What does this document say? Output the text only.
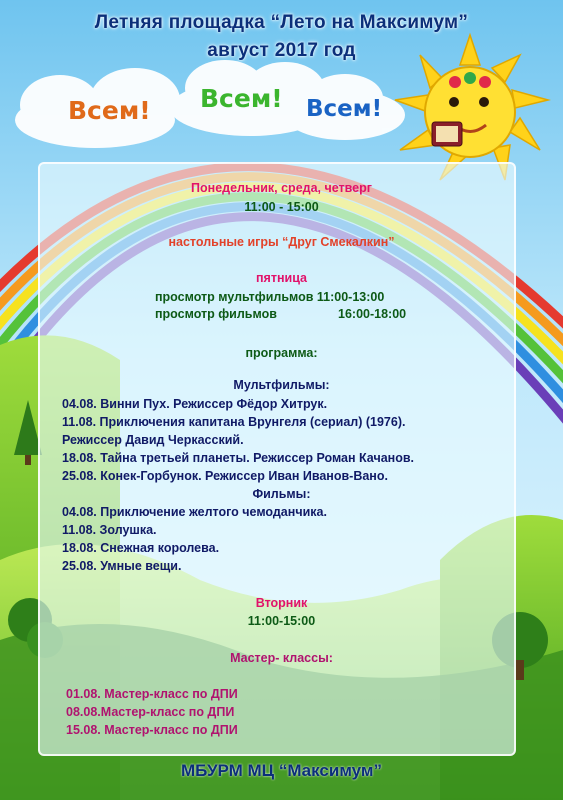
Летняя площадка “Лето на Максимум”
август 2017 год
Всем! Всем! Всем!
Понедельник, среда, четверг
11:00 - 15:00
настольные игры “Друг Смекалкин”
пятница
просмотр мультфильмов 11:00-13:00
просмотр фильмов	16:00-18:00
программа:
Мультфильмы:
04.08. Винни Пух. Режиссер Фёдор Хитрук.
11.08. Приключения капитана Врунгеля (сериал) (1976).
Режиссер Давид Черкасский.
18.08. Тайна третьей планеты. Режиссер Роман Качанов.
25.08. Конек-Горбунок. Режиссер Иван Иванов-Вано.
Фильмы:
04.08. Приключение желтого чемоданчика.
11.08. Золушка.
18.08. Снежная королева.
25.08. Умные вещи.
Вторник
11:00-15:00
Мастер- классы:
01.08. Мастер-класс по ДПИ
08.08.Мастер-класс по ДПИ
15.08. Мастер-класс по ДПИ
МБУРМ МЦ “Максимум”
